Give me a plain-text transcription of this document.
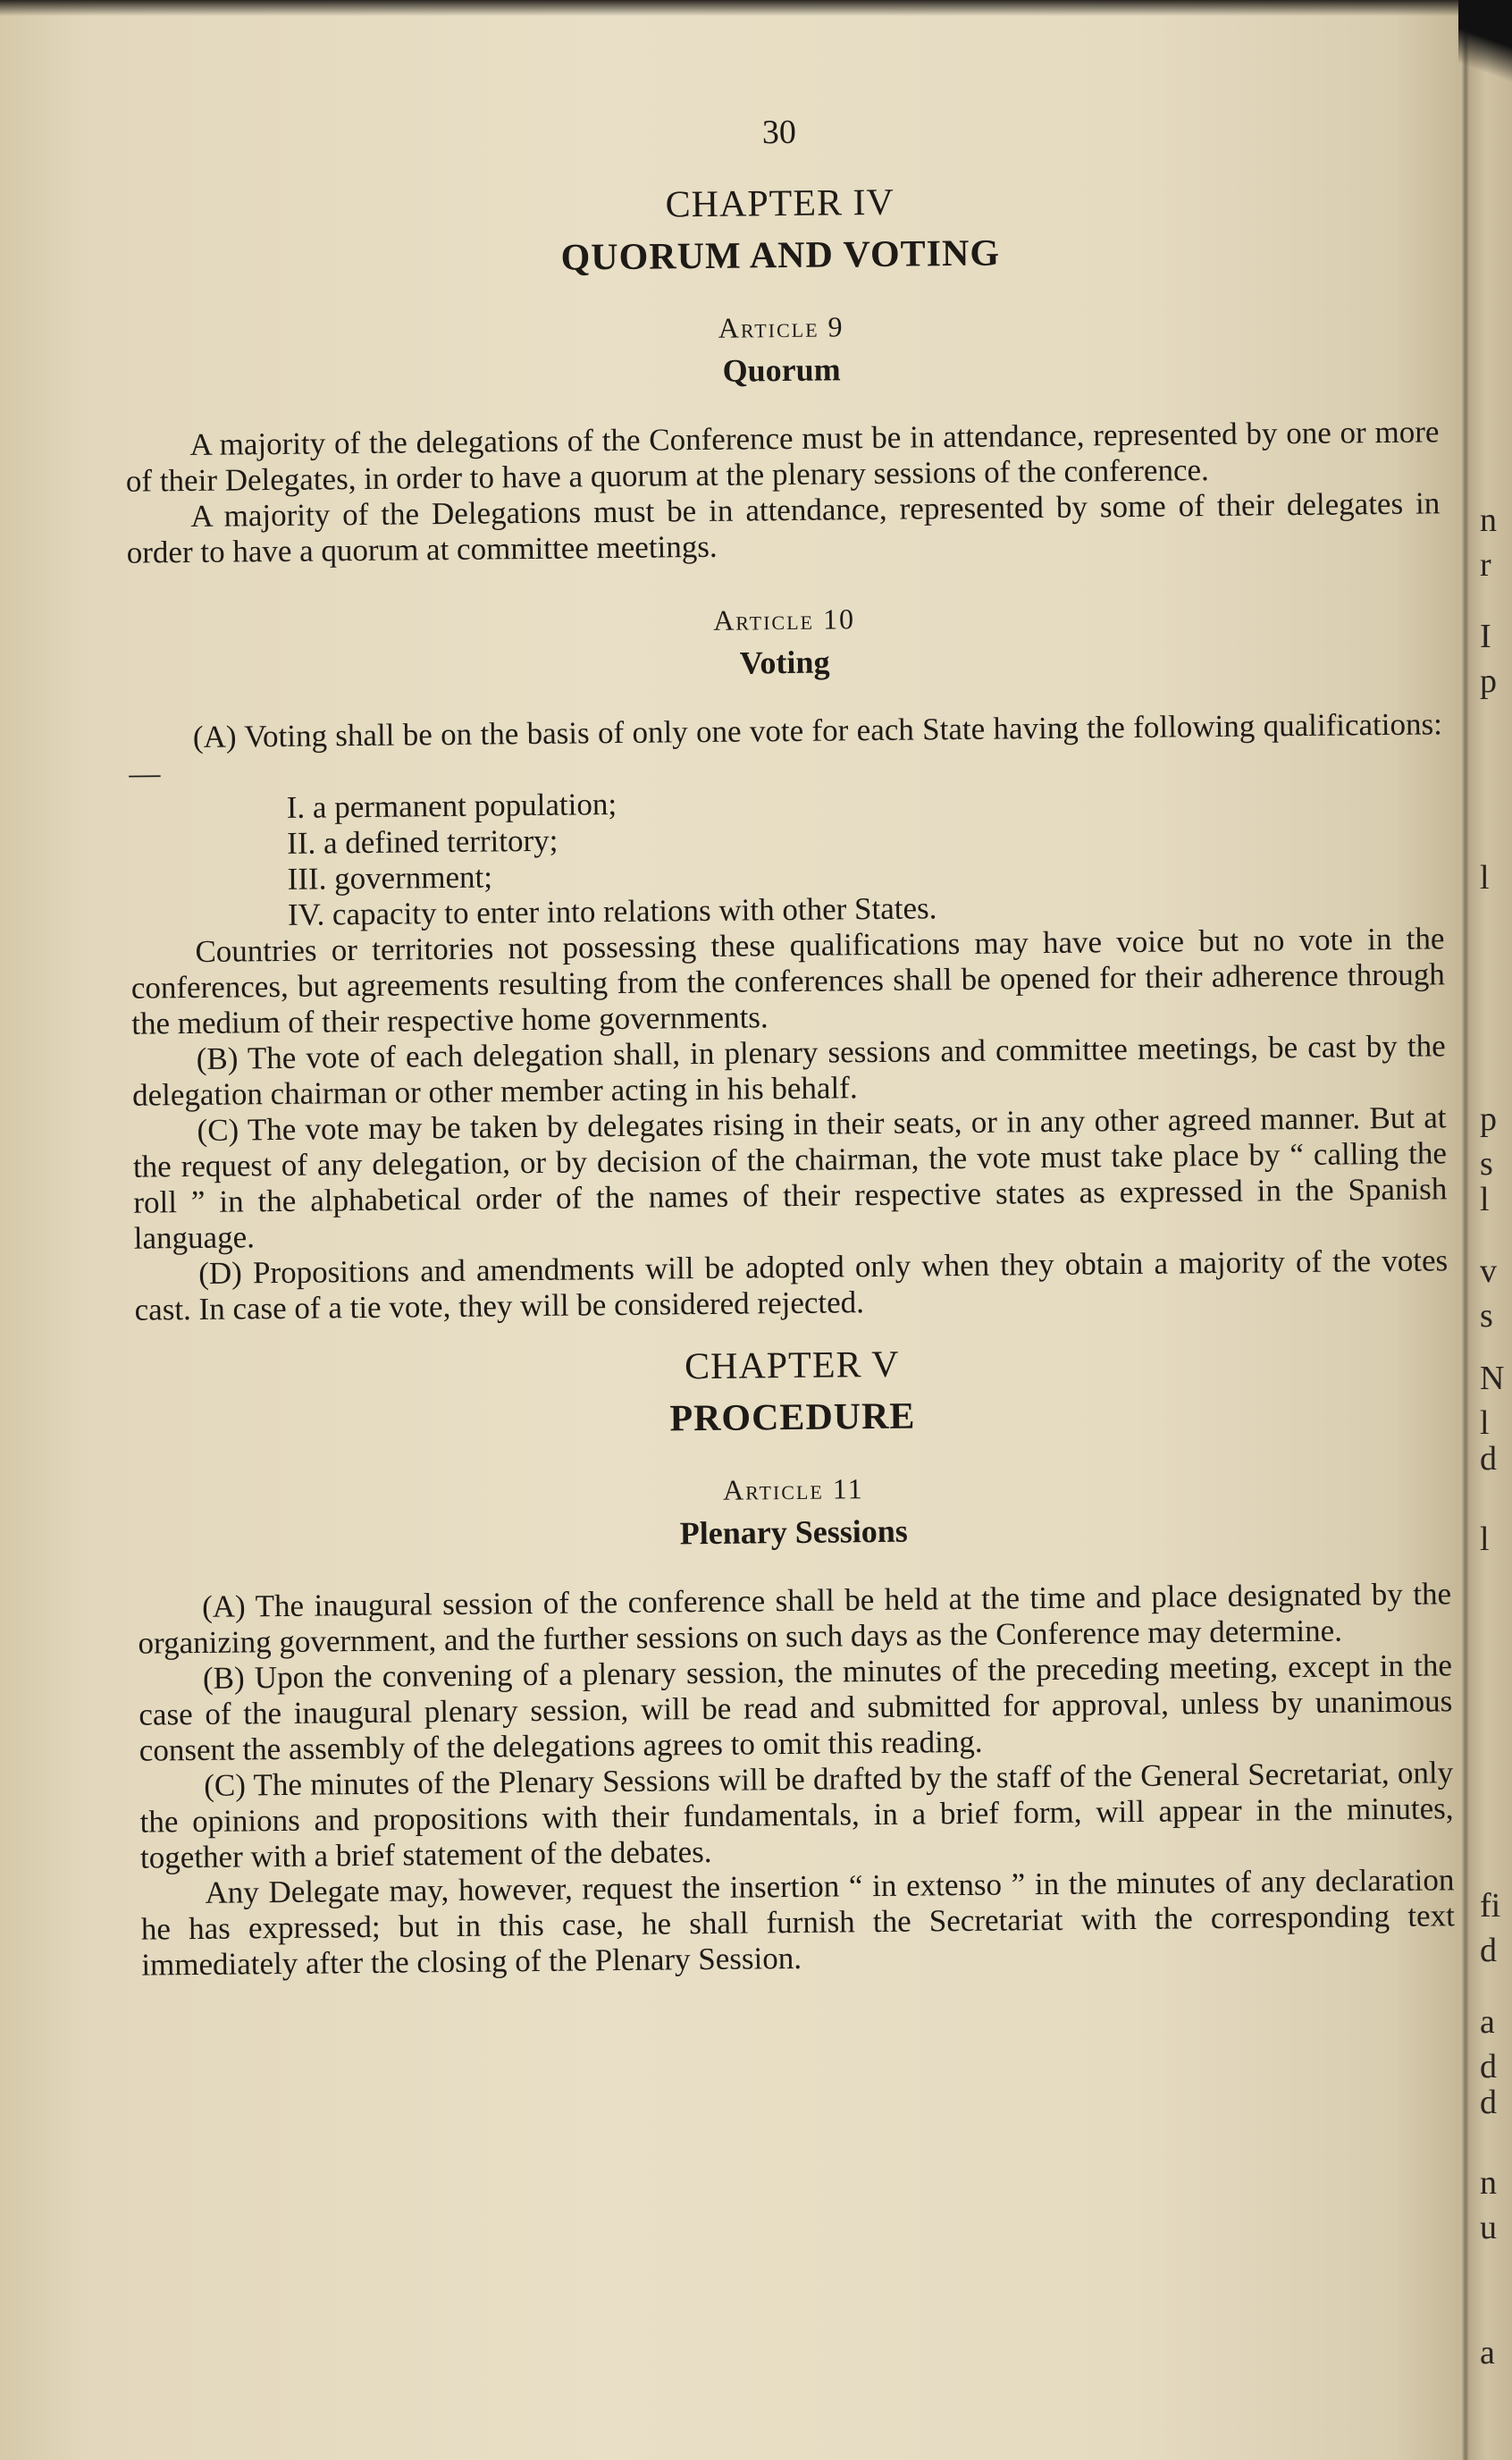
30
CHAPTER IV
QUORUM AND VOTING
Article 9
Quorum

A majority of the delegations of the Conference must be in attendance, represented by one or more of their Delegates, in order to have a quorum at the plenary sessions of the conference.

A majority of the Delegations must be in attendance, represented by some of their delegates in order to have a quorum at committee meetings.

Article 10
Voting

(A) Voting shall be on the basis of only one vote for each State having the following qualifications:—

I. a permanent population;
II. a defined territory;
III. government;
IV. capacity to enter into relations with other States.

Countries or territories not possessing these qualifications may have voice but no vote in the conferences, but agreements resulting from the conferences shall be opened for their adherence through the medium of their respective home governments.

(B) The vote of each delegation shall, in plenary sessions and committee meetings, be cast by the delegation chairman or other member acting in his behalf.

(C) The vote may be taken by delegates rising in their seats, or in any other agreed manner. But at the request of any delegation, or by decision of the chairman, the vote must take place by “ calling the roll ” in the alphabetical order of the names of their respective states as expressed in the Spanish language.

(D) Propositions and amendments will be adopted only when they obtain a majority of the votes cast. In case of a tie vote, they will be considered rejected.

CHAPTER V
PROCEDURE
Article 11
Plenary Sessions

(A) The inaugural session of the conference shall be held at the time and place designated by the organizing government, and the further sessions on such days as the Conference may determine.

(B) Upon the convening of a plenary session, the minutes of the preceding meeting, except in the case of the inaugural plenary session, will be read and submitted for approval, unless by unanimous consent the assembly of the delegations agrees to omit this reading.

(C) The minutes of the Plenary Sessions will be drafted by the staff of the General Secretariat, only the opinions and propositions with their fundamentals, in a brief form, will appear in the minutes, together with a brief statement of the debates.

Any Delegate may, however, request the insertion “ in extenso ” in the minutes of any declaration he has expressed; but in this case, he shall furnish the Secretariat with the corresponding text immediately after the closing of the Plenary Session.

n
r
I
p
l
p
s
l
v
s
N
l
d
l
fi
d
a
d
d
n
u
a
